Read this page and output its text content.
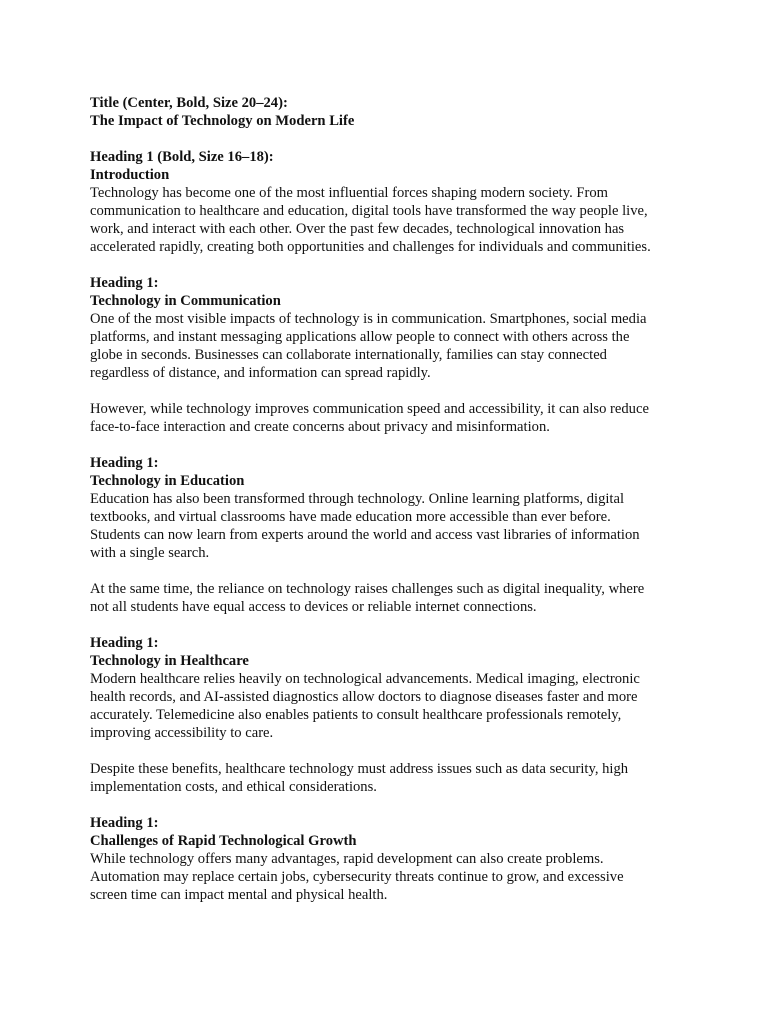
Title (Center, Bold, Size 20–24):

The Impact of Technology on Modern Life

Heading 1 (Bold, Size 16–18):

Introduction

Technology has become one of the most influential forces shaping modern society. From

communication to healthcare and education, digital tools have transformed the way people live,

work, and interact with each other. Over the past few decades, technological innovation has

accelerated rapidly, creating both opportunities and challenges for individuals and communities.

Heading 1:

Technology in Communication

One of the most visible impacts of technology is in communication. Smartphones, social media

platforms, and instant messaging applications allow people to connect with others across the

globe in seconds. Businesses can collaborate internationally, families can stay connected

regardless of distance, and information can spread rapidly.

However, while technology improves communication speed and accessibility, it can also reduce

face-to-face interaction and create concerns about privacy and misinformation.

Heading 1:

Technology in Education

Education has also been transformed through technology. Online learning platforms, digital

textbooks, and virtual classrooms have made education more accessible than ever before.

Students can now learn from experts around the world and access vast libraries of information

with a single search.

At the same time, the reliance on technology raises challenges such as digital inequality, where

not all students have equal access to devices or reliable internet connections.

Heading 1:

Technology in Healthcare

Modern healthcare relies heavily on technological advancements. Medical imaging, electronic

health records, and AI-assisted diagnostics allow doctors to diagnose diseases faster and more

accurately. Telemedicine also enables patients to consult healthcare professionals remotely,

improving accessibility to care.

Despite these benefits, healthcare technology must address issues such as data security, high

implementation costs, and ethical considerations.

Heading 1:

Challenges of Rapid Technological Growth

While technology offers many advantages, rapid development can also create problems.

Automation may replace certain jobs, cybersecurity threats continue to grow, and excessive

screen time can impact mental and physical health.
